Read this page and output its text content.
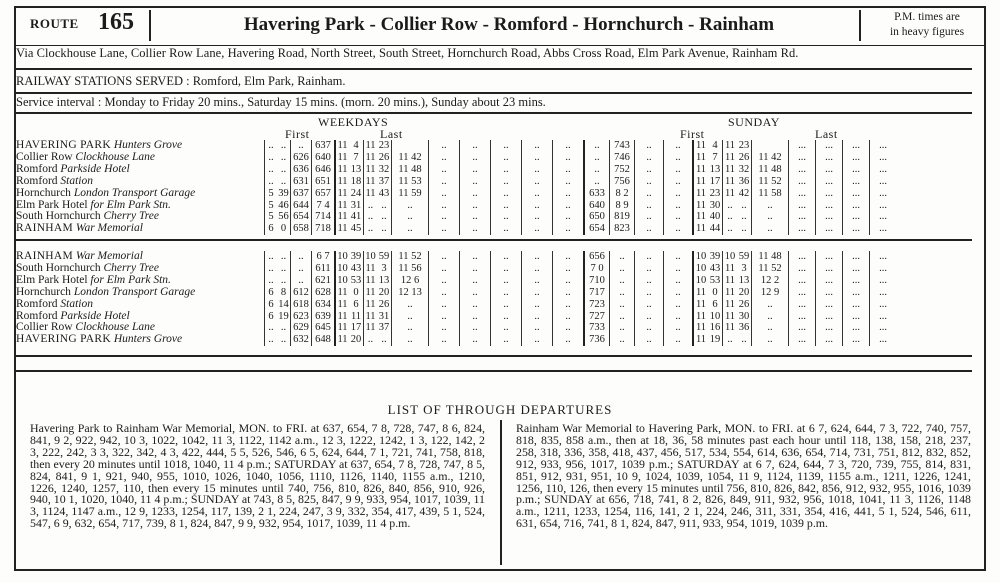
ROUTE 165	Havering Park - Collier Row - Romford - Hornchurch - Rainham	P.M. times are
in heavy figures
Via Clockhouse Lane, Collier Row Lane, Havering Road, North Street, South Street, Hornchurch Road, Abbs Cross Road, Elm Park Avenue, Rainham Rd.
RAILWAY STATIONS SERVED : Romford, Elm Park, Rainham.
Service interval : Monday to Friday 20 mins., Saturday 15 mins. (morn. 20 mins.), Sunday about 23 mins.
WEEKDAYS	SUNDAY
First	Last	First	Last
HAVERING PARK Hunters Grove	..	..	..	637	11	4	11	23		..	..	..	..	..	..	743	..	..	11	4	11	23		...	...	...	...
Collier Row Clockhouse Lane	..	..	626	640	11	7	11	26	11 42	..	..	..	..	..	..	746	..	..	11	7	11	26	11 42	...	...	...	...
Romford Parkside Hotel	..	..	636	646	11	13	11	32	11 48	..	..	..	..	..	..	752	..	..	11	13	11	32	11 48	...	...	...	...
Romford Station	..	..	631	651	11	18	11	37	11 53	..	..	..	..	..	..	756	..	..	11	17	11	36	11 52	...	...	...	...
Hornchurch London Transport Garage	5	39	637	657	11	24	11	43	11 59	..	..	..	..	..	633	8 2	..	..	11	23	11	42	11 58	...	...	...	...
Elm Park Hotel for Elm Park Stn.	5	46	644	7 4	11	31	..	..	..	..	..	..	..	..	640	8 9	..	..	11	30	..	..	..	...	...	...	...
South Hornchurch Cherry Tree	5	56	654	714	11	41	..	..	..	..	..	..	..	..	650	819	..	..	11	40	..	..	..	...	...	...	...
RAINHAM War Memorial	6	0	658	718	11	45	..	..	..	..	..	..	..	..	654	823	..	..	11	44	..	..	..	...	...	...	...
RAINHAM War Memorial	..	..	..	6 7	10	39	10	59	11 52	..	..	..	..	..	656	..	..	..	10	39	10	59	11 48	...	...	...	...
South Hornchurch Cherry Tree	..	..	..	611	10	43	11	3	11 56	..	..	..	..	..	7 0	..	..	..	10	43	11	3	11 52	...	...	...	...
Elm Park Hotel for Elm Park Stn.	..	..	..	621	10	53	11	13	12 6	..	..	..	..	..	710	..	..	..	10	53	11	13	12 2	...	...	...	...
Hornchurch London Transport Garage	6	8	612	628	11	0	11	20	12 13	..	..	..	..	..	717	..	..	..	11	0	11	20	12 9	...	...	...	...
Romford Station	6	14	618	634	11	6	11	26	..	..	..	..	..	..	723	..	..	..	11	6	11	26	..	...	...	...	...
Romford Parkside Hotel	6	19	623	639	11	11	11	31	..	..	..	..	..	..	727	..	..	..	11	10	11	30	..	...	...	...	...
Collier Row Clockhouse Lane	..	..	629	645	11	17	11	37	..	..	..	..	..	..	733	..	..	..	11	16	11	36	..	...	...	...	...
HAVERING PARK Hunters Grove	..	..	632	648	11	20	..	..	..	..	..	..	..	..	736	..	..	..	11	19	..	..	..	...	...	...	...
LIST OF THROUGH DEPARTURES
Havering Park to Rainham War Memorial, MON. to FRI. at 637, 654, 7 8, 728, 747, 8 6, 824, 841, 9 2, 922, 942, 10 3, 1022, 1042, 11 3, 1122, 1142 a.m., 12 3, 1222, 1242, 1 3, 122, 142, 2 3, 222, 242, 3 3, 322, 342, 4 3, 422, 444, 5 5, 526, 546, 6 5, 624, 644, 7 1, 721, 741, 758, 818, then every 20 minutes until 1018, 1040, 11 4 p.m.; SATURDAY at 637, 654, 7 8, 728, 747, 8 5, 824, 841, 9 1, 921, 940, 955, 1010, 1026, 1040, 1056, 1110, 1126, 1140, 1155 a.m., 1210, 1226, 1240, 1257, 110, then every 15 minutes until 740, 756, 810, 826, 840, 856, 910, 926, 940, 10 1, 1020, 1040, 11 4 p.m.; SUNDAY at 743, 8 5, 825, 847, 9 9, 933, 954, 1017, 1039, 11 3, 1124, 1147 a.m., 12 9, 1233, 1254, 117, 139, 2 1, 224, 247, 3 9, 332, 354, 417, 439, 5 1, 524, 547, 6 9, 632, 654, 717, 739, 8 1, 824, 847, 9 9, 932, 954, 1017, 1039, 11 4 p.m.
Rainham War Memorial to Havering Park, MON. to FRI. at 6 7, 624, 644, 7 3, 722, 740, 757, 818, 835, 858 a.m., then at 18, 36, 58 minutes past each hour until 118, 138, 158, 218, 237, 258, 318, 336, 358, 418, 437, 456, 517, 534, 554, 614, 636, 654, 714, 731, 751, 812, 832, 852, 912, 933, 956, 1017, 1039 p.m.; SATURDAY at 6 7, 624, 644, 7 3, 720, 739, 755, 814, 831, 851, 912, 931, 951, 10 9, 1024, 1039, 1054, 11 9, 1124, 1139, 1155 a.m., 1211, 1226, 1241, 1256, 110, 126, then every 15 minutes until 756, 810, 826, 842, 856, 912, 932, 955, 1016, 1039 p.m.; SUNDAY at 656, 718, 741, 8 2, 826, 849, 911, 932, 956, 1018, 1041, 11 3, 1126, 1148 a.m., 1211, 1233, 1254, 116, 141, 2 1, 224, 246, 311, 331, 354, 416, 441, 5 1, 524, 546, 611, 631, 654, 716, 741, 8 1, 824, 847, 911, 933, 954, 1019, 1039 p.m.
